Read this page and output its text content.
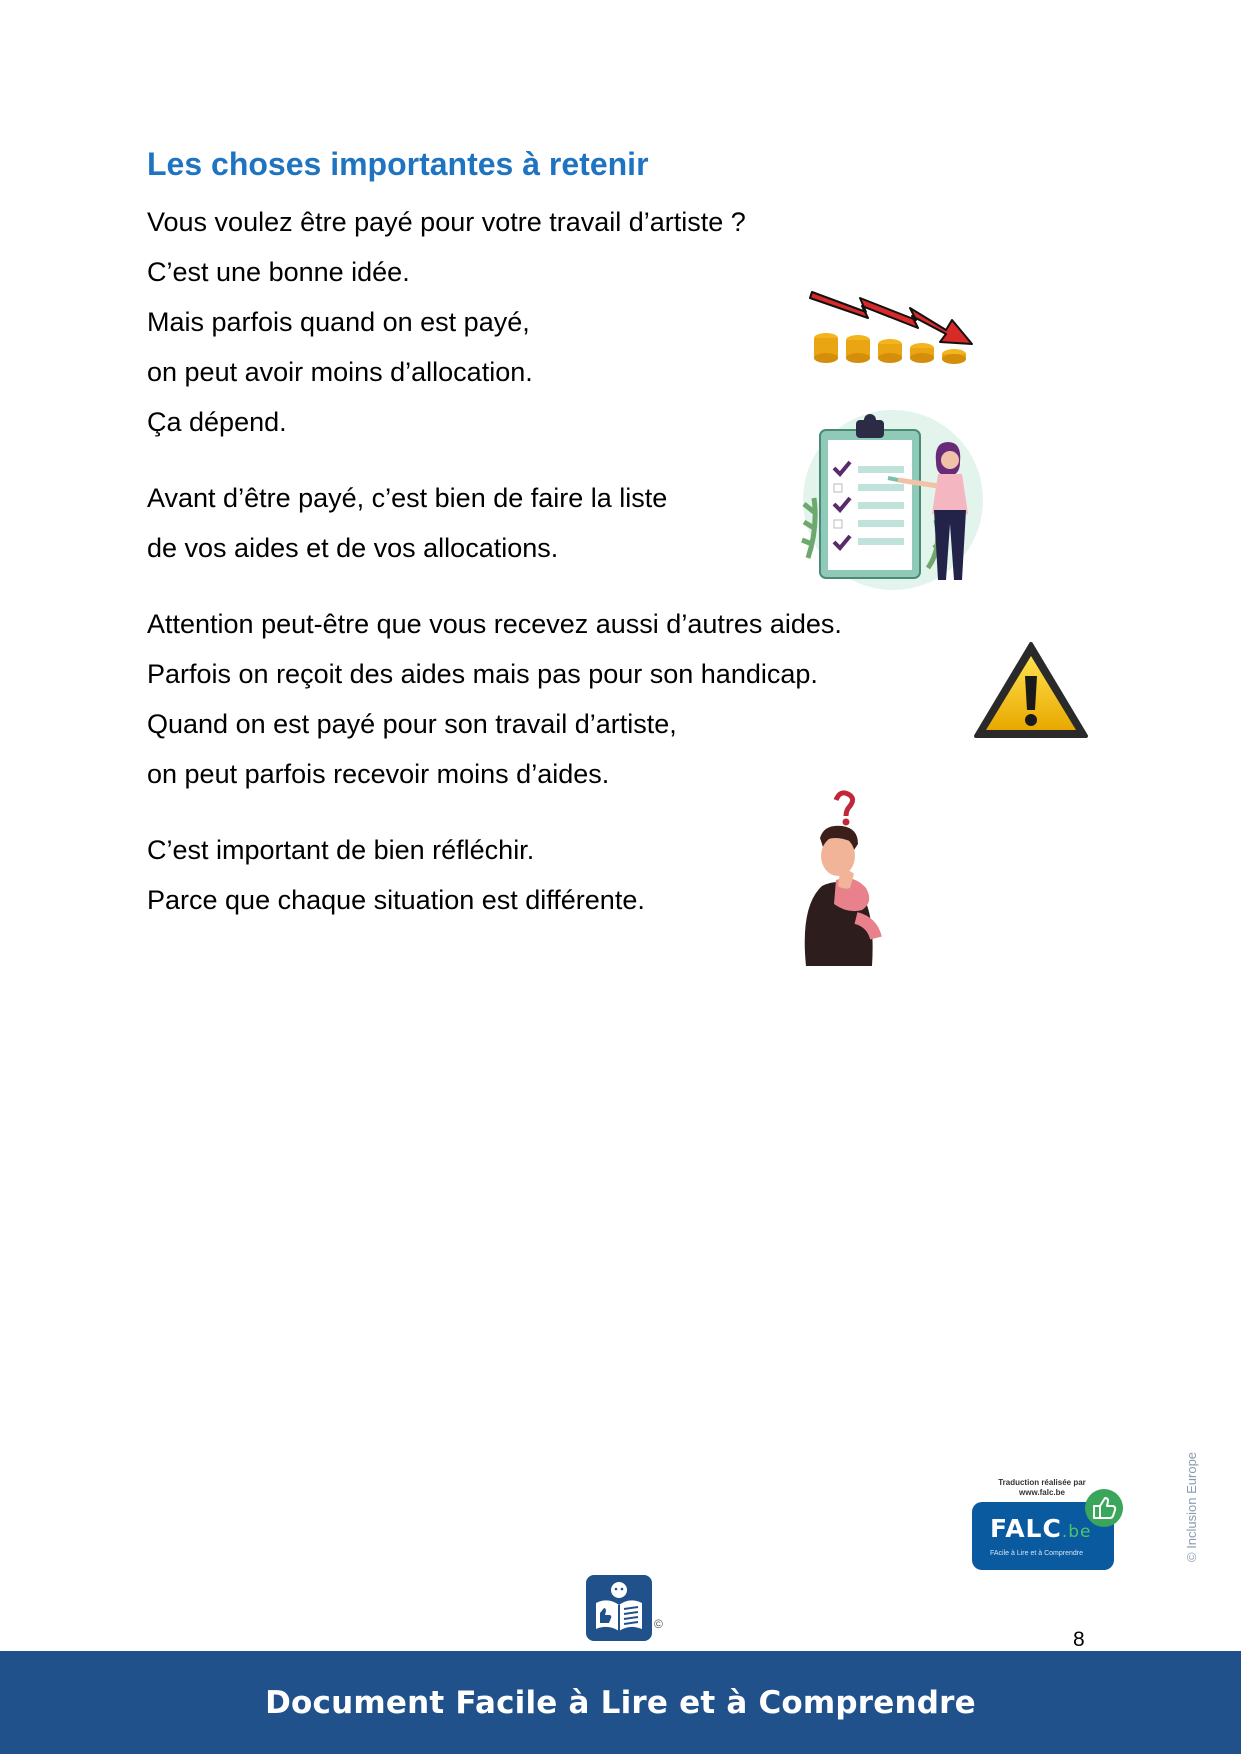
Les choses importantes à retenir

Vous voulez être payé pour votre travail d’artiste ?

C’est une bonne idée.

Mais parfois quand on est payé,

on peut avoir moins d’allocation.

Ça dépend.

Avant d’être payé, c’est bien de faire la liste

de vos aides et de vos allocations.

Attention peut-être que vous recevez aussi d’autres aides.

Parfois on reçoit des aides mais pas pour son handicap.

Quand on est payé pour son travail d’artiste,

on peut parfois recevoir moins d’aides.

C’est important de bien réfléchir.

Parce que chaque situation est différente.

Traduction réalisée par
www.falc.be
FALC.be
FAcile à Lire et à Comprendre	© Inclusion Europe
©
8
Document Facile à Lire et à Comprendre
